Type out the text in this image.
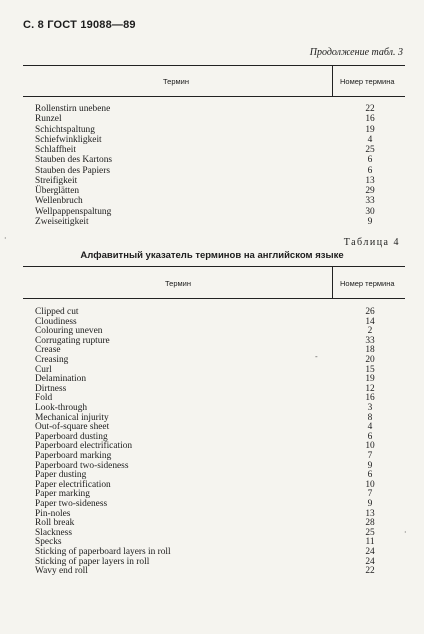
С. 8 ГОСТ 19088—89
Продолжение табл. 3
Термин	Номер термина
Rollenstirn unebene	22
Runzel	16
Schichtspaltung	19
Schiefwinkligkeit	4
Schlaffheit	25
Stauben des Kartons	6
Stauben des Papiers	6
Streifigkeit	13
Überglätten	29
Wellenbruch	33
Wellpappenspaltung	30
Zweiseitigkeit	9
·	Таблица 4
Алфавитный указатель терминов на английском языке
Термин	Номер термина
Clipped cut	26
Cloudiness	14
Colouring uneven	2
Corrugating rupture	33
Crease	18
Creasing	20
Curl	15
Delamination	19
Dirtness	12
Fold	16
Look-through	3
Mechanical injurity	8
Out-of-square sheet	4
Paperboard dusting	6
Paperboard electrification	10
Paperboard marking	7
Paperboard two-sideness	9
Paper dusting	6
Paper electrification	10
Paper marking	7
Paper two-sideness	9
Pin-noles	13
Roll break	28
Slackness	25
Specks	11
Sticking of paperboard layers in roll	24
Sticking of paper layers in roll	24
Wavy end roll	22
-
·
